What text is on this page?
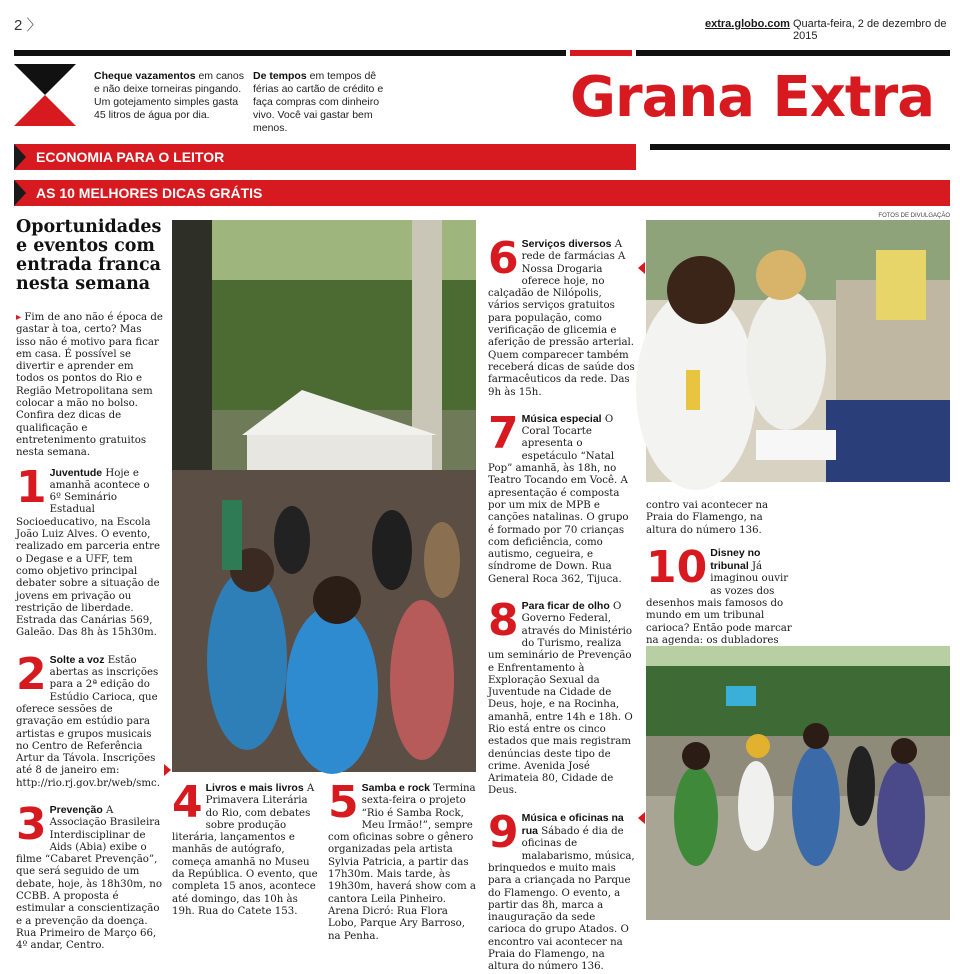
2 〉	extra.globo.com Quarta-feira, 2 de dezembro de 2015
Cheque vazamentos em canos e não deixe torneiras pingando. Um gotejamento simples gasta 45 litros de água por dia.
De tempos em tempos dê férias ao cartão de crédito e faça compras com dinheiro vivo. Você vai gastar bem menos.	Grana Extra
ECONOMIA PARA O LEITOR
AS 10 MELHORES DICAS GRÁTIS
FOTOS DE DIVULGAÇÃO
Oportunidades e eventos com entrada franca nesta semana

▸ Fim de ano não é época de gastar à toa, certo? Mas isso não é motivo para ficar em casa. É possível se divertir e aprender em todos os pontos do Rio e Região Metropolitana sem colocar a mão no bolso. Confira dez dicas de qualificação e entretenimento gratuitos nesta semana.

1 Juventude Hoje e amanhã acontece o 6º Seminário Estadual Socioeducativo, na Escola João Luiz Alves. O evento, realizado em parceria entre o Degase e a UFF, tem como objetivo principal debater sobre a situação de jovens em privação ou restrição de liberdade. Estrada das Canárias 569, Galeão. Das 8h às 15h30m.
2 Solte a voz Estão abertas as inscrições para a 2ª edição do Estúdio Carioca, que oferece sessões de gravação em estúdio para artistas e grupos musicais no Centro de Referência Artur da Távola. Inscrições até 8 de janeiro em: http://rio.rj.gov.br/web/smc.
3 Prevenção A Associação Brasileira Interdisciplinar de Aids (Abia) exibe o filme “Cabaret Prevenção”, que será seguido de um debate, hoje, às 18h30m, no CCBB. A proposta é estimular a conscientização e a prevenção da doença. Rua Primeiro de Março 66, 4º andar, Centro.
4 Livros e mais livros A Primavera Literária do Rio, com debates sobre produção literária, lançamentos e manhãs de autógrafo, começa amanhã no Museu da República. O evento, que completa 15 anos, acontece até domingo, das 10h às 19h. Rua do Catete 153.
5 Samba e rock Termina sexta-feira o projeto “Rio é Samba Rock, Meu Irmão!”, sempre com oficinas sobre o gênero organizadas pela artista Sylvia Patricia, a partir das 17h30m. Mais tarde, às 19h30m, haverá show com a cantora Leila Pinheiro. Arena Dicró: Rua Flora Lobo, Parque Ary Barroso, na Penha.
6 Serviços diversos A rede de farmácias A Nossa Drogaria oferece hoje, no calçadão de Nilópolis, vários serviços gratuitos para população, como verificação de glicemia e aferição de pressão arterial. Quem comparecer também receberá dicas de saúde dos farmacêuticos da rede. Das 9h às 15h.
7 Música especial O Coral Tocarte apresenta o espetáculo “Natal Pop” amanhã, às 18h, no Teatro Tocando em Você. A apresentação é composta por um mix de MPB e canções natalinas. O grupo é formado por 70 crianças com deficiência, como autismo, cegueira, e síndrome de Down. Rua General Roca 362, Tijuca.
8 Para ficar de olho O Governo Federal, através do Ministério do Turismo, realiza um seminário de Prevenção e Enfrentamento à Exploração Sexual da Juventude na Cidade de Deus, hoje, e na Rocinha, amanhã, entre 14h e 18h. O Rio está entre os cinco estados que mais registram denúncias deste tipo de crime. Avenida José Arimateia 80, Cidade de Deus.
9 Música e oficinas na rua Sábado é dia de oficinas de malabarismo, música, brinquedos e muito mais para a criançada no Parque do Flamengo. O evento, a partir das 8h, marca a inauguração da sede carioca do grupo Atados. O encontro vai acontecer na Praia do Flamengo, na altura do número 136.

contro vai acontecer na Praia do Flamengo, na altura do número 136.

10 Disney no tribunal Já imaginou ouvir as vozes dos desenhos mais famosos do mundo em um tribunal carioca? Então pode marcar na agenda: os dubladores
